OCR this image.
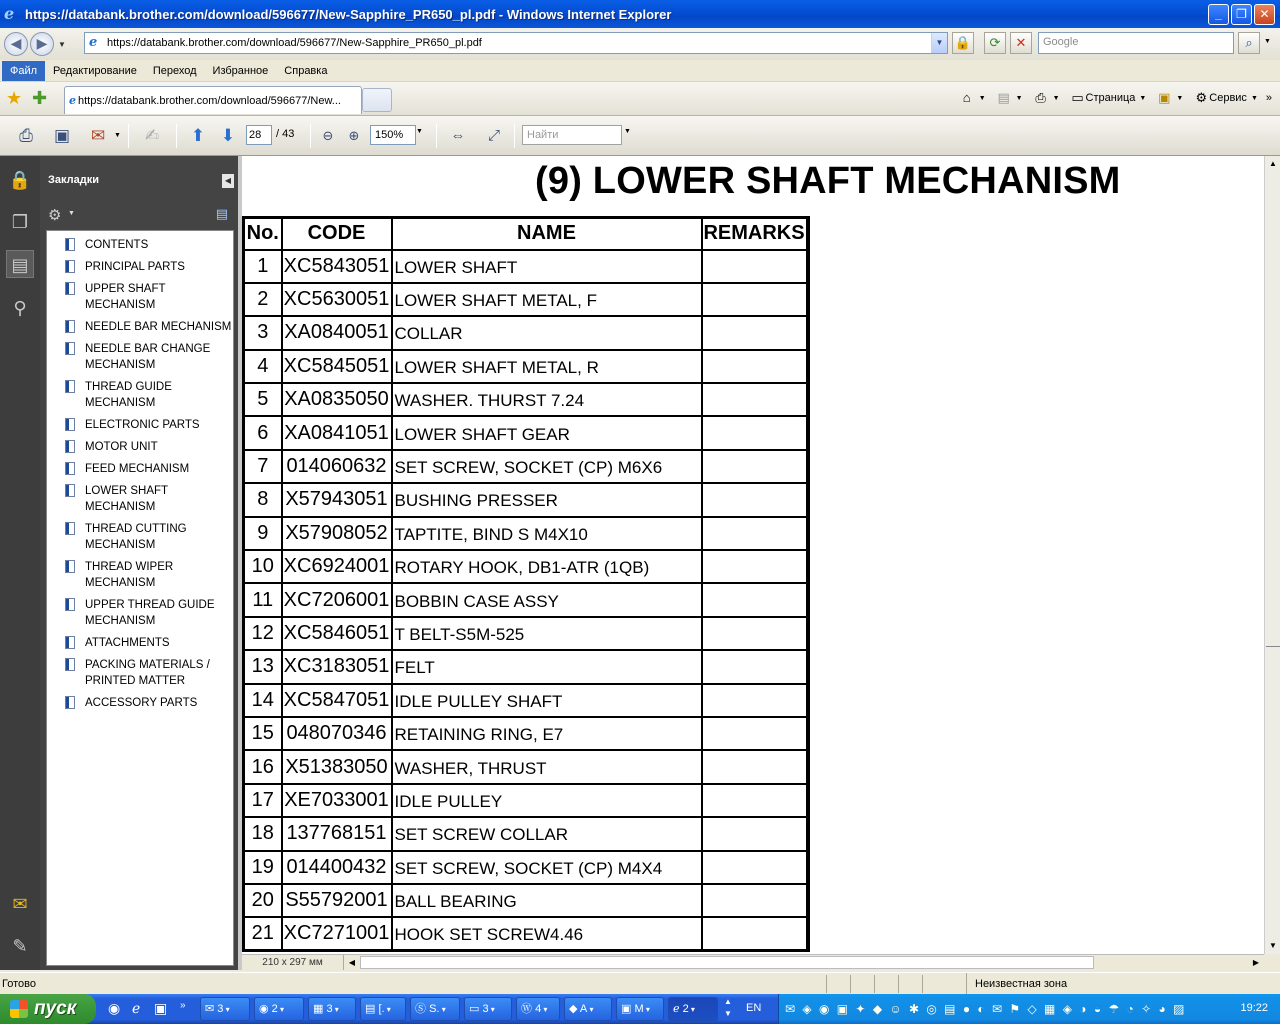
e https://databank.brother.com/download/596677/New-Sapphire_PR650_pl.pdf - Windows Internet Explorer	_	❐	✕
◀	▶	▼ e https://databank.brother.com/download/596677/New-Sapphire_PR650_pl.pdf	▼ 🔒	⟳	✕	Google	⌕	▼
Файл	Редактирование	Переход	Избранное	Справка
★ ✚ e https://databank.brother.com/download/596677/New...	⌂	▼ ▤ ▼ ⎙ ▼ ▭ Страница ▼ ▣ ▼ ⚙ Сервис ▼ »
⎙	▣ ✉	▼ ✍ ⬆ ⬇	28	/ 43	⊖	⊕	150%	▼	⇔	⤢	Найти	▼
🔒
❐
▤
⚲
✉
✎
Закладки	◀
⚙ ▼	▤
CONTENTS
PRINCIPAL PARTS
UPPER SHAFT MECHANISM
NEEDLE BAR MECHANISM
NEEDLE BAR CHANGE MECHANISM
THREAD GUIDE MECHANISM
ELECTRONIC PARTS
MOTOR UNIT
FEED MECHANISM
LOWER SHAFT MECHANISM
THREAD CUTTING MECHANISM
THREAD WIPER MECHANISM
UPPER THREAD GUIDE MECHANISM
ATTACHMENTS
PACKING MATERIALS / PRINTED MATTER
ACCESSORY PARTS
(9) LOWER SHAFT MECHANISM
No.	CODE	NAME	REMARKS
1	XC5843051	LOWER SHAFT	
2	XC5630051	LOWER SHAFT METAL, F	
3	XA0840051	COLLAR	
4	XC5845051	LOWER SHAFT METAL, R	
5	XA0835050	WASHER. THURST 7.24	
6	XA0841051	LOWER SHAFT GEAR	
7	014060632	SET SCREW, SOCKET (CP) M6X6	
8	X57943051	BUSHING PRESSER	
9	X57908052	TAPTITE, BIND S M4X10	
10	XC6924001	ROTARY HOOK, DB1-ATR (1QB)	
11	XC7206001	BOBBIN CASE ASSY	
12	XC5846051	T BELT-S5M-525	
13	XC3183051	FELT	
14	XC5847051	IDLE PULLEY SHAFT	
15	048070346	RETAINING RING, E7	
16	X51383050	WASHER, THRUST	
17	XE7033001	IDLE PULLEY	
18	137768151	SET SCREW COLLAR	
19	014400432	SET SCREW, SOCKET (CP) M4X4	
20	S55792001	BALL BEARING	
21	XC7271001	HOOK SET SCREW4.46	
▲
▼
210 x 297 мм	◀	▶
Готово	Неизвестная зона
пуск	◉ ℯ ▣ »	✉ 3 ▾	◉ 2 ▾	▦ 3 ▾	▤ [. ▾	Ⓢ S. ▾	▭ 3 ▾	Ⓦ 4 ▾	◆ A ▾	▣ M ▾	ℯ 2 ▾
▲
▼ EN ✉ ◈ ◉ ▣ ✦ ◆ ☺ ✱ ◎ ▤ ● ◐ ✉ ⚑ ◇ ▦ ◈ ◑ ◒ ☂ ◔ ✧ ◕ ▨	19:22
